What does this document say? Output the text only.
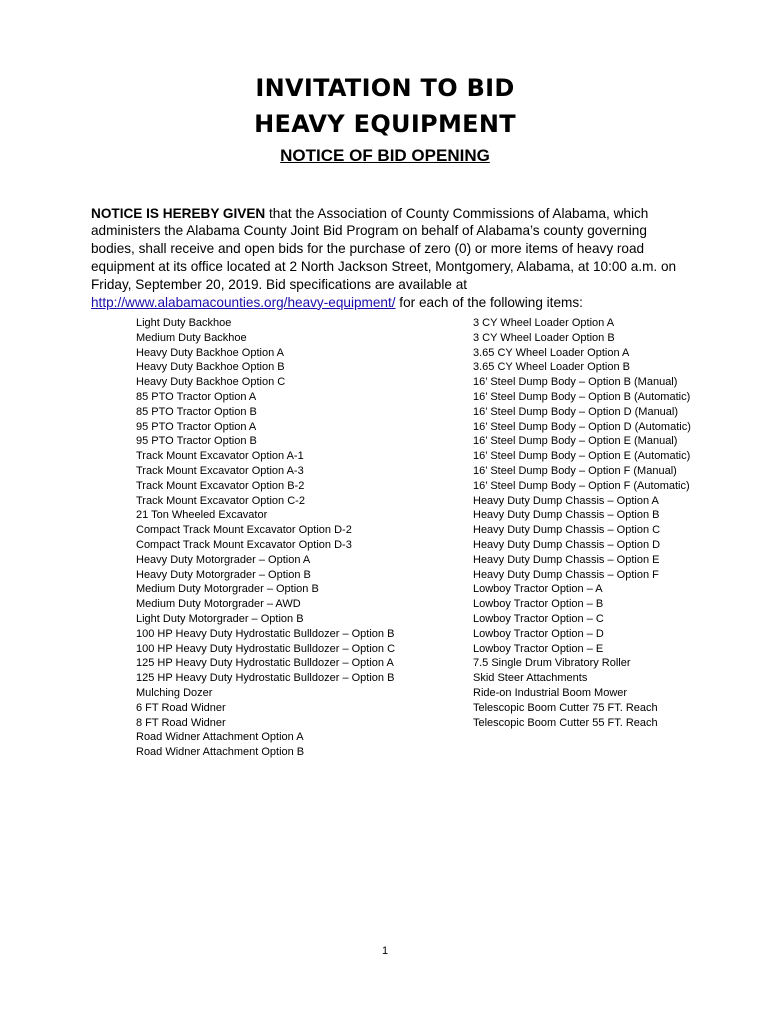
INVITATION TO BID
HEAVY EQUIPMENT
NOTICE OF BID OPENING

NOTICE IS HEREBY GIVEN that the Association of County Commissions of Alabama, which administers the Alabama County Joint Bid Program on behalf of Alabama’s county governing bodies, shall receive and open bids for the purchase of zero (0) or more items of heavy road equipment at its office located at 2 North Jackson Street, Montgomery, Alabama, at 10:00 a.m. on Friday, September 20, 2019. Bid specifications are available at http://www.alabamacounties.org/heavy-equipment/ for each of the following items:

Light Duty Backhoe
Medium Duty Backhoe
Heavy Duty Backhoe Option A
Heavy Duty Backhoe Option B
Heavy Duty Backhoe Option C
85 PTO Tractor Option A
85 PTO Tractor Option B
95 PTO Tractor Option A
95 PTO Tractor Option B
Track Mount Excavator Option A-1
Track Mount Excavator Option A-3
Track Mount Excavator Option B-2
Track Mount Excavator Option C-2
21 Ton Wheeled Excavator
Compact Track Mount Excavator Option D-2
Compact Track Mount Excavator Option D-3
Heavy Duty Motorgrader – Option A
Heavy Duty Motorgrader – Option B
Medium Duty Motorgrader – Option B
Medium Duty Motorgrader – AWD
Light Duty Motorgrader – Option B
100 HP Heavy Duty Hydrostatic Bulldozer – Option B
100 HP Heavy Duty Hydrostatic Bulldozer – Option C
125 HP Heavy Duty Hydrostatic Bulldozer – Option A
125 HP Heavy Duty Hydrostatic Bulldozer – Option B
Mulching Dozer
6 FT Road Widner
8 FT Road Widner
Road Widner Attachment Option A
Road Widner Attachment Option B
3 CY Wheel Loader Option A
3 CY Wheel Loader Option B
3.65 CY Wheel Loader Option A
3.65 CY Wheel Loader Option B
16’ Steel Dump Body – Option B (Manual)
16’ Steel Dump Body – Option B (Automatic)
16’ Steel Dump Body – Option D (Manual)
16’ Steel Dump Body – Option D (Automatic)
16’ Steel Dump Body – Option E (Manual)
16’ Steel Dump Body – Option E (Automatic)
16’ Steel Dump Body – Option F (Manual)
16’ Steel Dump Body – Option F (Automatic)
Heavy Duty Dump Chassis – Option A
Heavy Duty Dump Chassis – Option B
Heavy Duty Dump Chassis – Option C
Heavy Duty Dump Chassis – Option D
Heavy Duty Dump Chassis – Option E
Heavy Duty Dump Chassis – Option F
Lowboy Tractor Option – A
Lowboy Tractor Option – B
Lowboy Tractor Option – C
Lowboy Tractor Option – D
Lowboy Tractor Option – E
7.5 Single Drum Vibratory Roller
Skid Steer Attachments
Ride-on Industrial Boom Mower
Telescopic Boom Cutter 75 FT. Reach
Telescopic Boom Cutter 55 FT. Reach
1
